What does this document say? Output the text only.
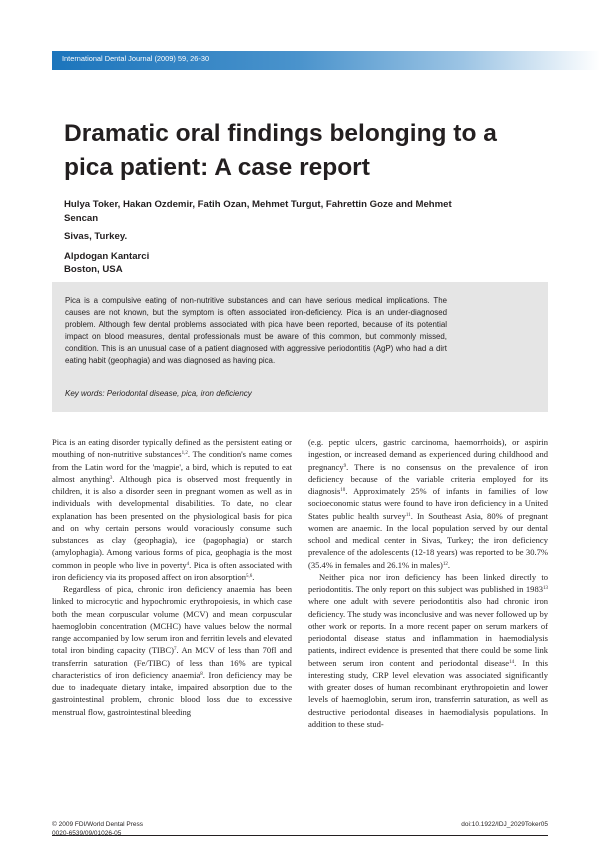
International Dental Journal (2009) 59, 26-30
Dramatic oral findings belonging to a pica patient: A case report
Hulya Toker, Hakan Ozdemir, Fatih Ozan, Mehmet Turgut, Fahrettin Goze and Mehmet Sencan
Sivas, Turkey.
Alpdogan Kantarci
Boston, USA

Pica is a compulsive eating of non-nutritive substances and can have serious medical implications. The causes are not known, but the symptom is often associated iron-deficiency. Pica is an under-diagnosed problem. Although few dental problems associated with pica have been reported, because of its potential impact on blood measures, dental professionals must be aware of this common, but commonly missed, condition. This is an unusual case of a patient diagnosed with aggressive periodontitis (AgP) who had a dirt eating habit (geophagia) and was diagnosed as having pica.

Key words: Periodontal disease, pica, iron deficiency

Pica is an eating disorder typically defined as the persistent eating or mouthing of non-nutritive substances$^{1,2}$. The condition's name comes from the Latin word for the 'magpie', a bird, which is reputed to eat almost anything$^3$. Although pica is observed most frequently in children, it is also a disorder seen in pregnant women as well as in individuals with developmental disabilities. To date, no clear explanation has been presented on the physiological basis for pica and on why certain persons would voraciously consume such substances as clay (geophagia), ice (pagophagia) or starch (amylophagia). Among various forms of pica, geophagia is the most common in people who live in poverty$^4$. Pica is often associated with iron deficiency via its proposed affect on iron absorption$^{5,6}$.

Regardless of pica, chronic iron deficiency anaemia has been linked to microcytic and hypochromic erythropoiesis, in which case both the mean corpuscular volume (MCV) and mean corpuscular haemoglobin concentration (MCHC) have values below the normal range accompanied by low serum iron and ferritin levels and elevated total iron binding capacity (TIBC)$^7$. An MCV of less than 70fl and transferrin saturation (Fe/TIBC) of less than 16% are typical characteristics of iron deficiency anaemia$^8$. Iron deficiency may be due to inadequate dietary intake, impaired absorption due to the gastrointestinal problem, chronic blood loss due to excessive menstrual flow, gastrointestinal bleeding

(e.g. peptic ulcers, gastric carcinoma, haemorrhoids), or aspirin ingestion, or increased demand as experienced during childhood and pregnancy$^9$. There is no consensus on the prevalence of iron deficiency because of the variable criteria employed for its diagnosis$^{10}$. Approximately 25% of infants in families of low socioeconomic status were found to have iron deficiency in a United States public health survey$^{11}$. In Southeast Asia, 80% of pregnant women are anaemic. In the local population served by our dental school and medical center in Sivas, Turkey; the iron deficiency prevalence of the adolescents (12-18 years) was reported to be 30.7% (35.4% in females and 26.1% in males)$^{12}$.

Neither pica nor iron deficiency has been linked directly to periodontitis. The only report on this subject was published in 1983$^{13}$ where one adult with severe periodontitis also had chronic iron deficiency. The study was inconclusive and was never followed up by other work or reports. In a more recent paper on serum markers of periodontal disease status and inflammation in haemodialysis patients, indirect evidence is presented that there could be some link between serum iron content and periodontal disease$^{14}$. In this interesting study, CRP level elevation was associated significantly with greater doses of human recombinant erythropoietin and lower levels of haemoglobin, serum iron, transferrin saturation, as well as destructive periodontal diseases in haemodialysis populations. In addition to these stud-

© 2009 FDI/World Dental Press
0020-6539/09/01026-05
doi:10.1922/IDJ_2029Toker05
